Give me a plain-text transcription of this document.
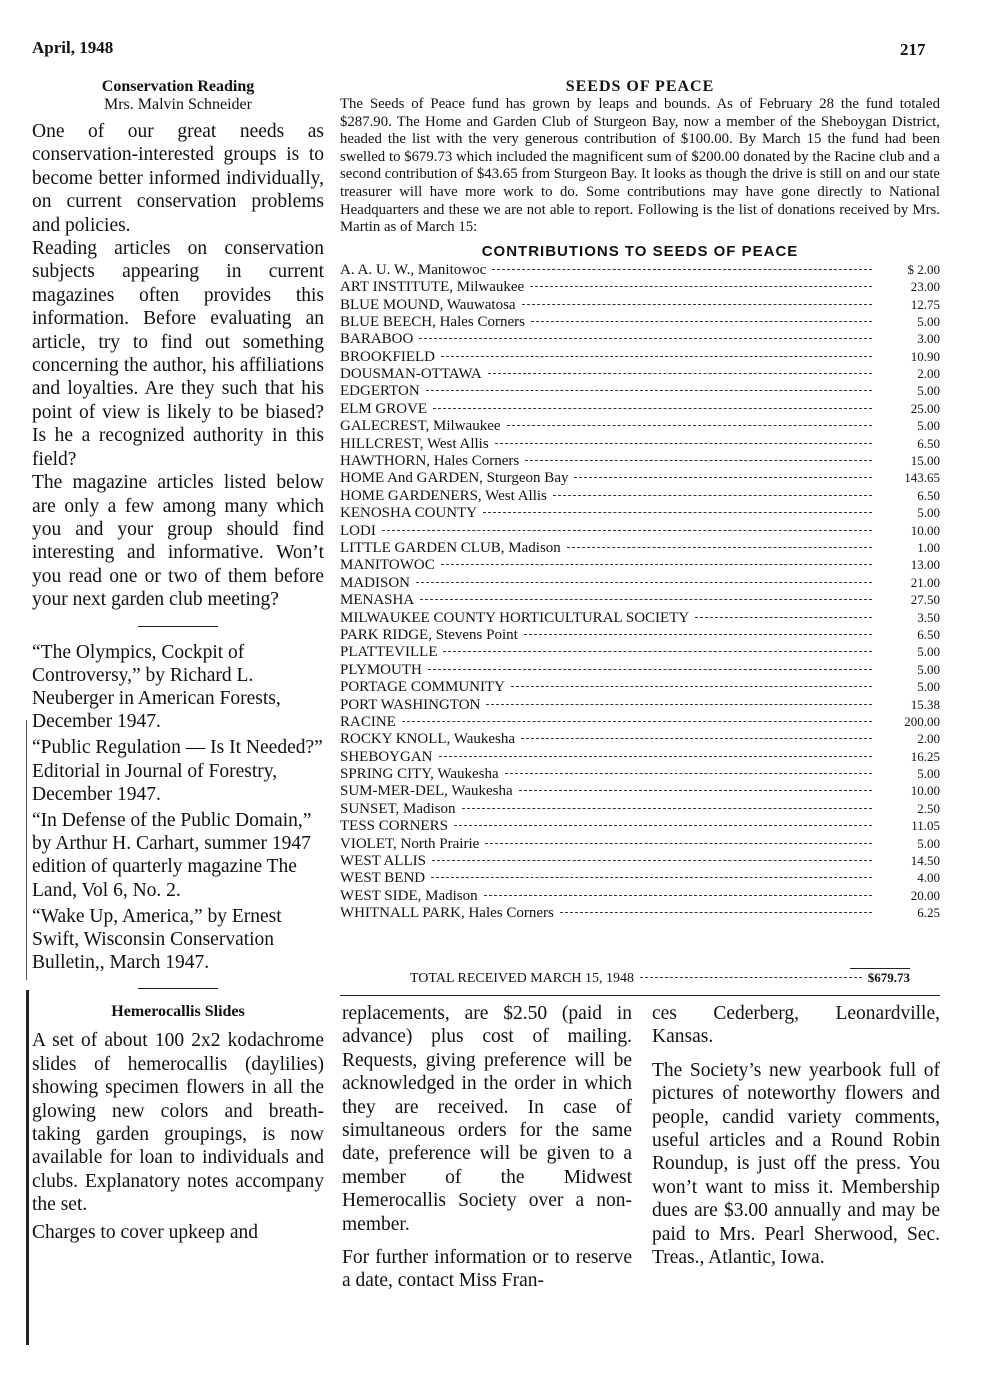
April, 1948	217
Conservation Reading
Mrs. Malvin Schneider

One of our great needs as conservation-interested groups is to become better informed individually, on current conservation problems and policies.

Reading articles on conservation subjects appearing in current magazines often provides this information. Before evaluating an article, try to find out something concerning the author, his affiliations and loyalties. Are they such that his point of view is likely to be biased? Is he a recognized authority in this field?

The magazine articles listed below are only a few among many which you and your group should find interesting and informative. Won’t you read one or two of them before your next garden club meeting?

“The Olympics, Cockpit of Controversy,” by Richard L. Neuberger in American Forests, December 1947.

“Public Regulation — Is It Needed?” Editorial in Journal of Forestry, December 1947.

“In Defense of the Public Domain,” by Arthur H. Carhart, summer 1947 edition of quarterly magazine The Land, Vol 6, No. 2.

“Wake Up, America,” by Ernest Swift, Wisconsin Conservation Bulletin,, March 1947.

Hemerocallis Slides

A set of about 100 2x2 kodachrome slides of hemerocallis (daylilies) showing specimen flowers in all the glowing new colors and breath-taking garden groupings, is now available for loan to individuals and clubs. Explanatory notes accompany the set.

Charges to cover upkeep and

SEEDS OF PEACE
The Seeds of Peace fund has grown by leaps and bounds. As of February 28 the fund totaled $287.90. The Home and Garden Club of Sturgeon Bay, now a member of the Sheboygan District, headed the list with the very generous contribution of $100.00. By March 15 the fund had been swelled to $679.73 which included the magnificent sum of $200.00 donated by the Racine club and a second contribution of $43.65 from Sturgeon Bay. It looks as though the drive is still on and our state treasurer will have more work to do. Some contributions may have gone directly to National Headquarters and these we are not able to report. Following is the list of donations received by Mrs. Martin as of March 15:
CONTRIBUTIONS TO SEEDS OF PEACE
A. A. U. W., Manitowoc	$ 2.00
ART INSTITUTE, Milwaukee	23.00
BLUE MOUND, Wauwatosa	12.75
BLUE BEECH, Hales Corners	5.00
BARABOO	3.00
BROOKFIELD	10.90
DOUSMAN-OTTAWA	2.00
EDGERTON	5.00
ELM GROVE	25.00
GALECREST, Milwaukee	5.00
HILLCREST, West Allis	6.50
HAWTHORN, Hales Corners	15.00
HOME And GARDEN, Sturgeon Bay	143.65
HOME GARDENERS, West Allis	6.50
KENOSHA COUNTY	5.00
LODI	10.00
LITTLE GARDEN CLUB, Madison	1.00
MANITOWOC	13.00
MADISON	21.00
MENASHA	27.50
MILWAUKEE COUNTY HORTICULTURAL SOCIETY	3.50
PARK RIDGE, Stevens Point	6.50
PLATTEVILLE	5.00
PLYMOUTH	5.00
PORTAGE COMMUNITY	5.00
PORT WASHINGTON	15.38
RACINE	200.00
ROCKY KNOLL, Waukesha	2.00
SHEBOYGAN	16.25
SPRING CITY, Waukesha	5.00
SUM-MER-DEL, Waukesha	10.00
SUNSET, Madison	2.50
TESS CORNERS	11.05
VIOLET, North Prairie	5.00
WEST ALLIS	14.50
WEST BEND	4.00
WEST SIDE, Madison	20.00
WHITNALL PARK, Hales Corners	6.25
TOTAL RECEIVED MARCH 15, 1948	$679.73

replacements, are $2.50 (paid in advance) plus cost of mailing. Requests, giving preference will be acknowledged in the order in which they are received. In case of simultaneous orders for the same date, preference will be given to a member of the Midwest Hemerocallis Society over a non-member.

For further information or to reserve a date, contact Miss Fran-

ces Cederberg, Leonardville, Kansas.

The Society’s new yearbook full of pictures of noteworthy flowers and people, candid variety comments, useful articles and a Round Robin Roundup, is just off the press. You won’t want to miss it. Membership dues are $3.00 annually and may be paid to Mrs. Pearl Sherwood, Sec. Treas., Atlantic, Iowa.
